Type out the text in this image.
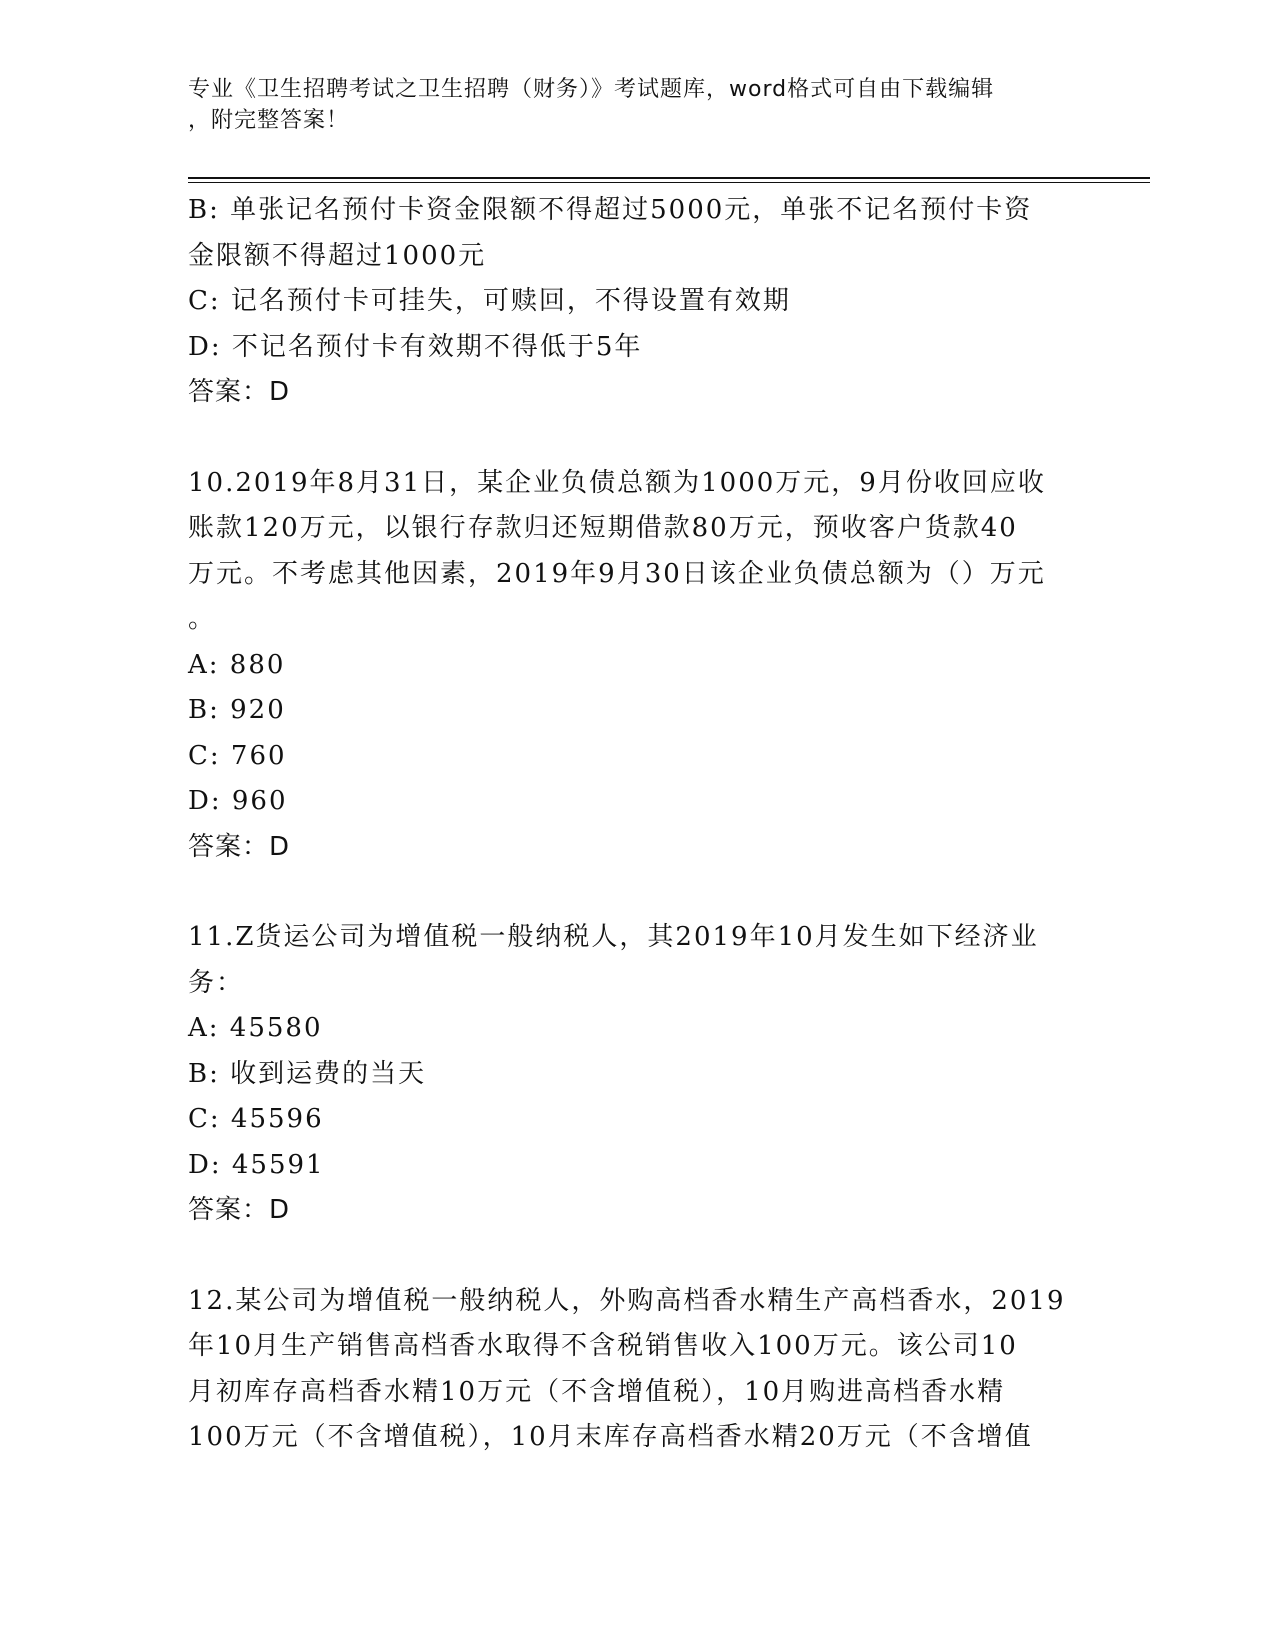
专业《卫生招聘考试之卫生招聘（财务）》考试题库，word格式可自由下载编辑
，附完整答案！
B: 单张记名预付卡资金限额不得超过5000元，单张不记名预付卡资
金限额不得超过1000元
C: 记名预付卡可挂失，可赎回，不得设置有效期
D: 不记名预付卡有效期不得低于5年
答案：D
10.2019年8月31日，某企业负债总额为1000万元，9月份收回应收
账款120万元，以银行存款归还短期借款80万元，预收客户货款40
万元。不考虑其他因素，2019年9月30日该企业负债总额为（）万元
。
A: 880
B: 920
C: 760
D: 960
答案：D
11.Z货运公司为增值税一般纳税人，其2019年10月发生如下经济业
务：
A: 45580
B: 收到运费的当天
C: 45596
D: 45591
答案：D
12.某公司为增值税一般纳税人，外购高档香水精生产高档香水，2019
年10月生产销售高档香水取得不含税销售收入100万元。该公司10
月初库存高档香水精10万元（不含增值税），10月购进高档香水精
100万元（不含增值税），10月末库存高档香水精20万元（不含增值
